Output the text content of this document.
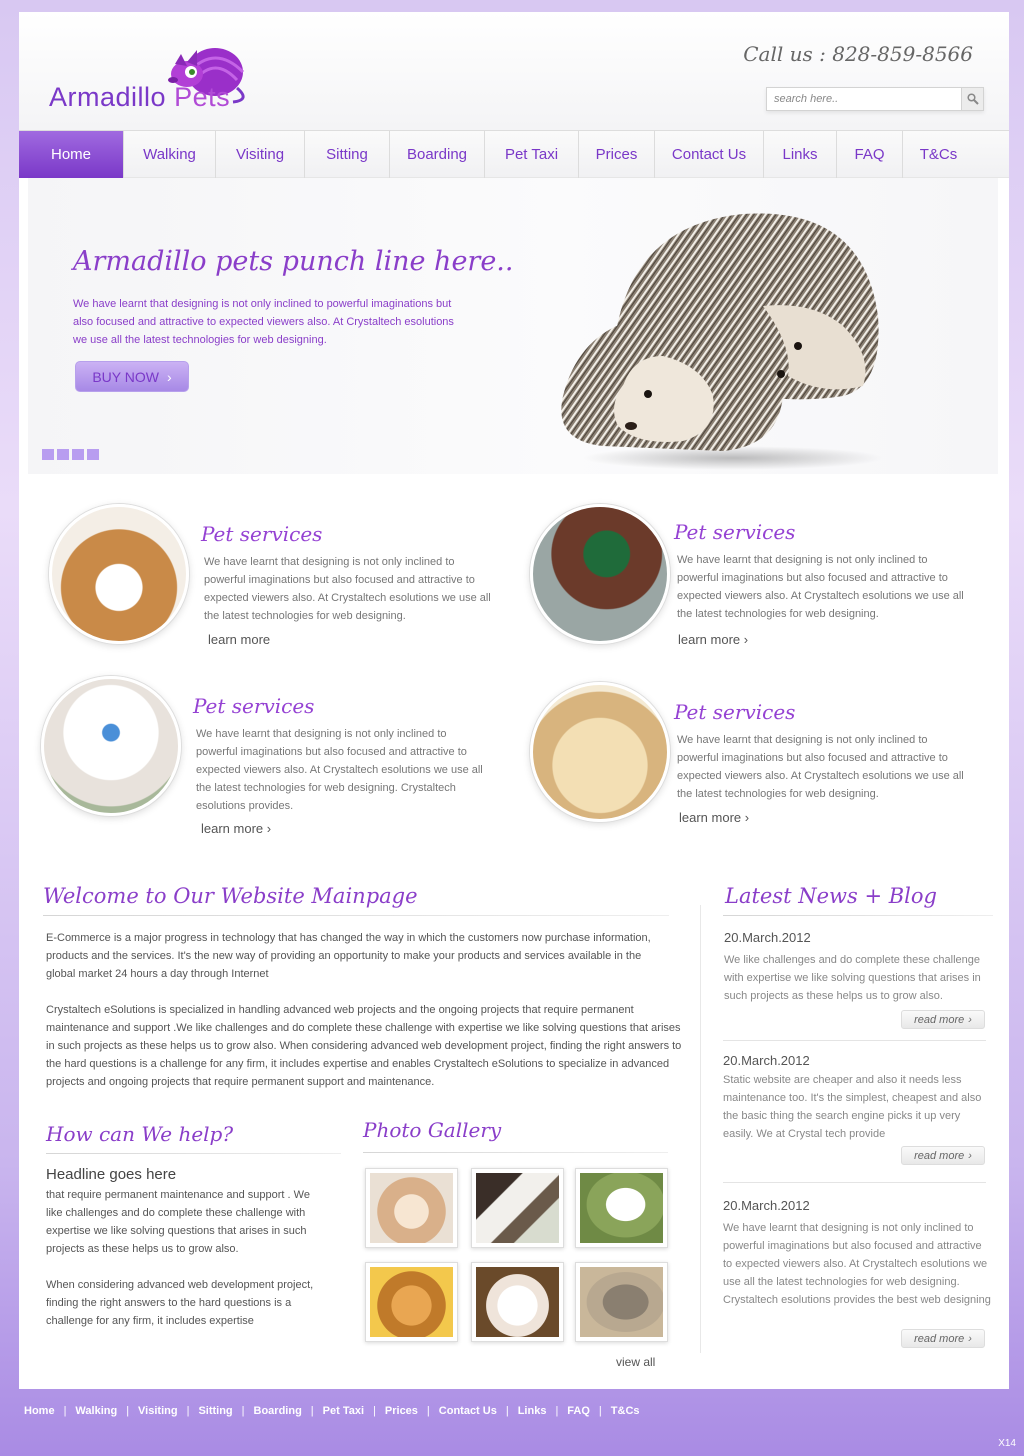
Armadillo Pets
Call us : 828-859-8566
search here..
Home	Walking	Visiting	Sitting	Boarding	Pet Taxi	Prices	Contact Us	Links	FAQ	T&Cs
Armadillo pets punch line here..
We have learnt that designing is not only inclined to powerful imaginations but also focused and attractive to expected viewers also. At Crystaltech esolutions we use all the latest technologies for web designing.
BUY NOW ›
Pet services
We have learnt that designing is not only inclined to powerful imaginations but also focused and attractive to expected viewers also. At Crystaltech esolutions we use all the latest technologies for web designing.
learn more
Pet services
We have learnt that designing is not only inclined to powerful imaginations but also focused and attractive to expected viewers also. At Crystaltech esolutions we use all the latest technologies for web designing.
learn more ›
Pet services
We have learnt that designing is not only inclined to powerful imaginations but also focused and attractive to expected viewers also. At Crystaltech esolutions we use all the latest technologies for web designing. Crystaltech esolutions provides.
learn more ›
Pet services
We have learnt that designing is not only inclined to powerful imaginations but also focused and attractive to expected viewers also. At Crystaltech esolutions we use all the latest technologies for web designing.
learn more ›
Welcome to Our Website Mainpage
E-Commerce is a major progress in technology that has changed the way in which the customers now purchase information, products and the services. It's the new way of providing an opportunity to make your products and services available in the global market 24 hours a day through Internet
Crystaltech eSolutions is specialized in handling advanced web projects and the ongoing projects that require permanent maintenance and support .We like challenges and do complete these challenge with expertise we like solving questions that arises in such projects as these helps us to grow also. When considering advanced web development project, finding the right answers to the hard questions is a challenge for any firm, it includes expertise and enables Crystaltech eSolutions to specialize in advanced projects and ongoing projects that require permanent support and maintenance.
How can We help?
Headline goes here
that require permanent maintenance and support . We like challenges and do complete these challenge with expertise we like solving questions that arises in such projects as these helps us to grow also.
When considering advanced web development project, finding the right answers to the hard questions is a challenge for any firm, it includes expertise
Photo Gallery
view all
Latest News + Blog
20.March.2012
We like challenges and do complete these challenge with expertise we like solving questions that arises in such projects as these helps us to grow also.
read more ›
20.March.2012
Static website are cheaper and also it needs less maintenance too. It's the simplest, cheapest and also the basic thing the search engine picks it up very easily. We at Crystal tech provide
read more ›
20.March.2012
We have learnt that designing is not only inclined to powerful imaginations but also focused and attractive to expected viewers also. At Crystaltech esolutions we use all the latest technologies for web designing. Crystaltech esolutions provides the best web designing
read more ›
Home | Walking | Visiting | Sitting | Boarding | Pet Taxi | Prices | Contact Us | Links | FAQ | T&Cs
X14
